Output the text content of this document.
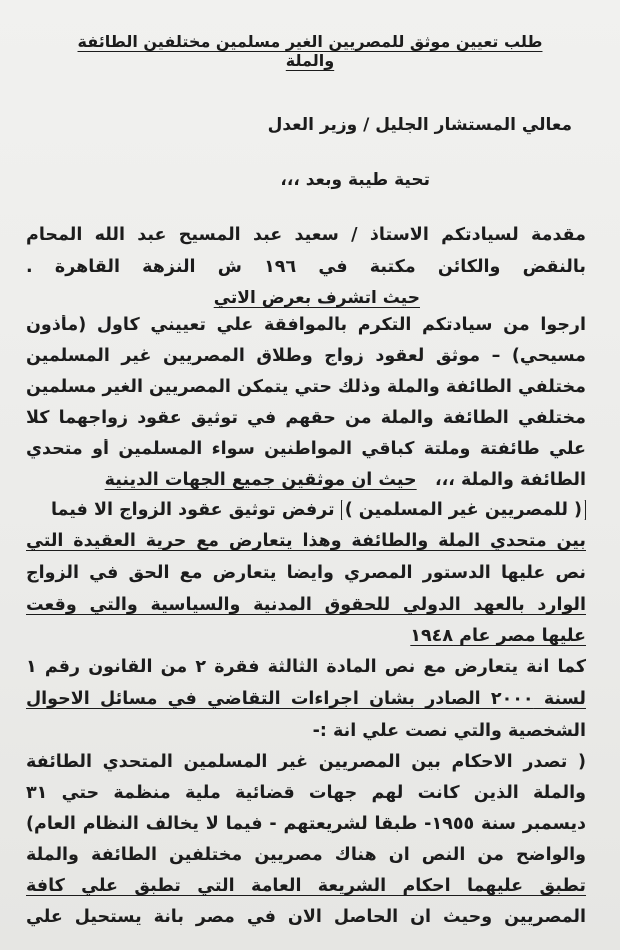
طلب تعيين موثق للمصريين الغير مسلمين مختلفين الطائفة والملة
معالي المستشار الجليل / وزير العدل
تحية طيبة وبعد ،،،
مقدمة لسيادتكم الاستاذ / سعيد عبد المسيح عبد الله المحام
بالنقض والكائن مكتبة في ١٩٦ ش النزهة القاهرة .
حيث اتشرف بعرض الاتي
ارجوا من سيادتكم التكرم بالموافقة علي تعييني كاول (مأذون
مسيحي) – موثق لعقود زواج وطلاق المصريين غير المسلمين
مختلفي الطائفة والملة وذلك حتي يتمكن المصريين الغير مسلمين
مختلفي الطائفة والملة من حقهم في توثيق عقود زواجهما كلا
علي طائفتة وملتة كباقي المواطنين سواء المسلمين أو متحدي
الطائفة والملة ،،،   حيث ان موثقين جميع الجهات الدينية
( للمصريين غير المسلمين ) ترفض توثيق عقود الزواج الا فيما
بين متحدي الملة والطائفة وهذا يتعارض مع حرية العقيدة التي
نص عليها الدستور المصري وايضا يتعارض مع الحق في الزواج
الوارد بالعهد الدولي للحقوق المدنية والسياسية والتي وقعت
عليها مصر عام ١٩٤٨
كما انة يتعارض مع نص المادة الثالثة فقرة ٢ من القانون رقم ١
لسنة ٢٠٠٠ الصادر بشان اجراءات التقاضي في مسائل الاحوال
الشخصية والتي نصت علي انة :-
( تصدر الاحكام بين المصريين غير المسلمين المتحدي الطائفة
والملة الذين كانت لهم جهات قضائية ملية منظمة حتي ٣١
ديسمبر سنة ١٩٥٥- طبقا لشريعتهم - فيما لا يخالف النظام العام)
والواضح من النص ان هناك مصريين مختلفين الطائفة والملة
تطبق عليهما احكام الشريعة العامة التي تطبق علي كافة
المصريين وحيث ان الحاصل الان في مصر بانة يستحيل علي
